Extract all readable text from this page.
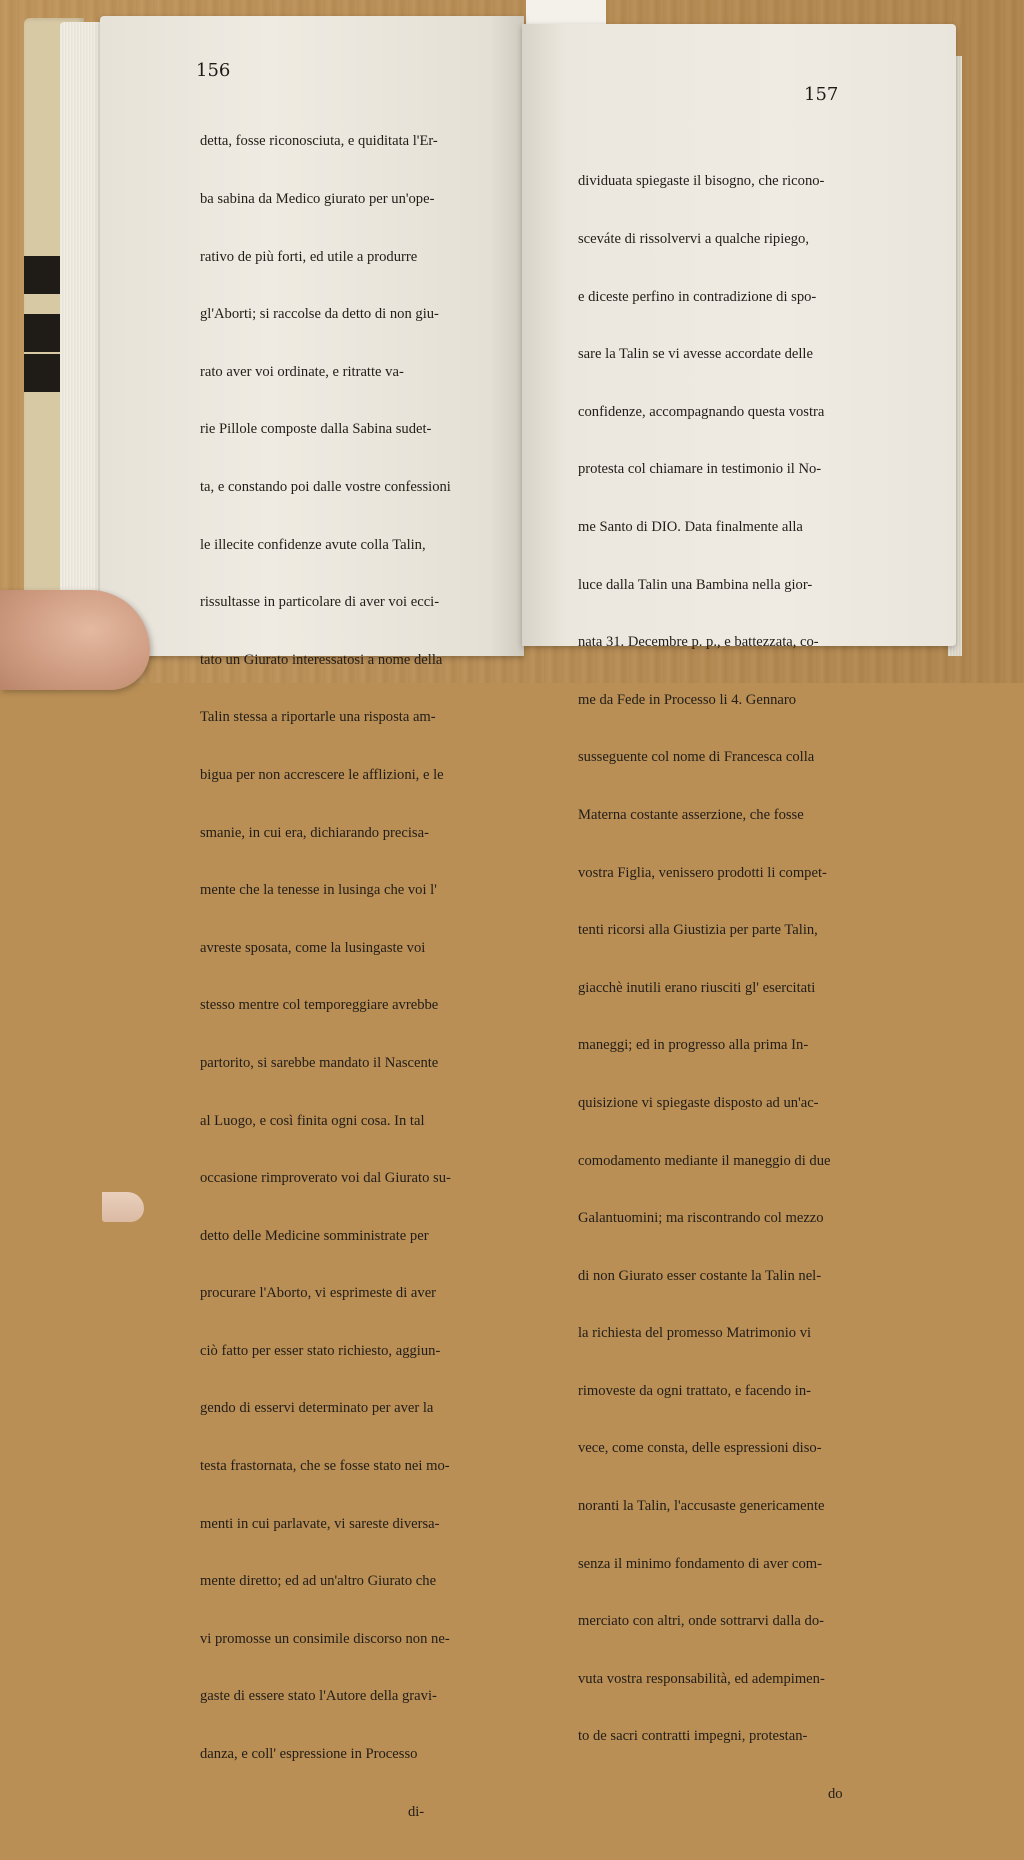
156

detta, fosse riconosciuta, e quiditata l'Er-

ba sabina da Medico giurato per un'ope-

rativo de più forti, ed utile a produrre

gl'Aborti; si raccolse da detto di non giu-

rato aver voi ordinate, e ritratte va-

rie Pillole composte dalla Sabina sudet-

ta, e constando poi dalle vostre confessioni

le illecite confidenze avute colla Talin,

rissultasse in particolare di aver voi ecci-

tato un Giurato interessatosi a nome della

Talin stessa a riportarle una risposta am-

bigua per non accrescere le afflizioni, e le

smanie, in cui era, dichiarando precisa-

mente che la tenesse in lusinga che voi l'

avreste sposata, come la lusingaste voi

stesso mentre col temporeggiare avrebbe

partorito, si sarebbe mandato il Nascente

al Luogo, e così finita ogni cosa. In tal

occasione rimproverato voi dal Giurato su-

detto delle Medicine somministrate per

procurare l'Aborto, vi esprimeste di aver

ciò fatto per esser stato richiesto, aggiun-

gendo di esservi determinato per aver la

testa frastornata, che se fosse stato nei mo-

menti in cui parlavate, vi sareste diversa-

mente diretto; ed ad un'altro Giurato che

vi promosse un consimile discorso non ne-

gaste di essere stato l'Autore della gravi-

danza, e coll' espressione in Processo

di-

157

dividuata spiegaste il bisogno, che ricono-

sceváte di rissolvervi a qualche ripiego,

e diceste perfino in contradizione di spo-

sare la Talin se vi avesse accordate delle

confidenze, accompagnando questa vostra

protesta col chiamare in testimonio il No-

me Santo di DIO. Data finalmente alla

luce dalla Talin una Bambina nella gior-

nata 31. Decembre p. p., e battezzata, co-

me da Fede in Processo li 4. Gennaro

susseguente col nome di Francesca colla

Materna costante asserzione, che fosse

vostra Figlia, venissero prodotti li compet-

tenti ricorsi alla Giustizia per parte Talin,

giacchè inutili erano riusciti gl' esercitati

maneggi; ed in progresso alla prima In-

quisizione vi spiegaste disposto ad un'ac-

comodamento mediante il maneggio di due

Galantuomini; ma riscontrando col mezzo

di non Giurato esser costante la Talin nel-

la richiesta del promesso Matrimonio vi

rimoveste da ogni trattato, e facendo in-

vece, come consta, delle espressioni diso-

noranti la Talin, l'accusaste genericamente

senza il minimo fondamento di aver com-

merciato con altri, onde sottrarvi dalla do-

vuta vostra responsabilità, ed adempimen-

to de sacri contratti impegni, protestan-

do
